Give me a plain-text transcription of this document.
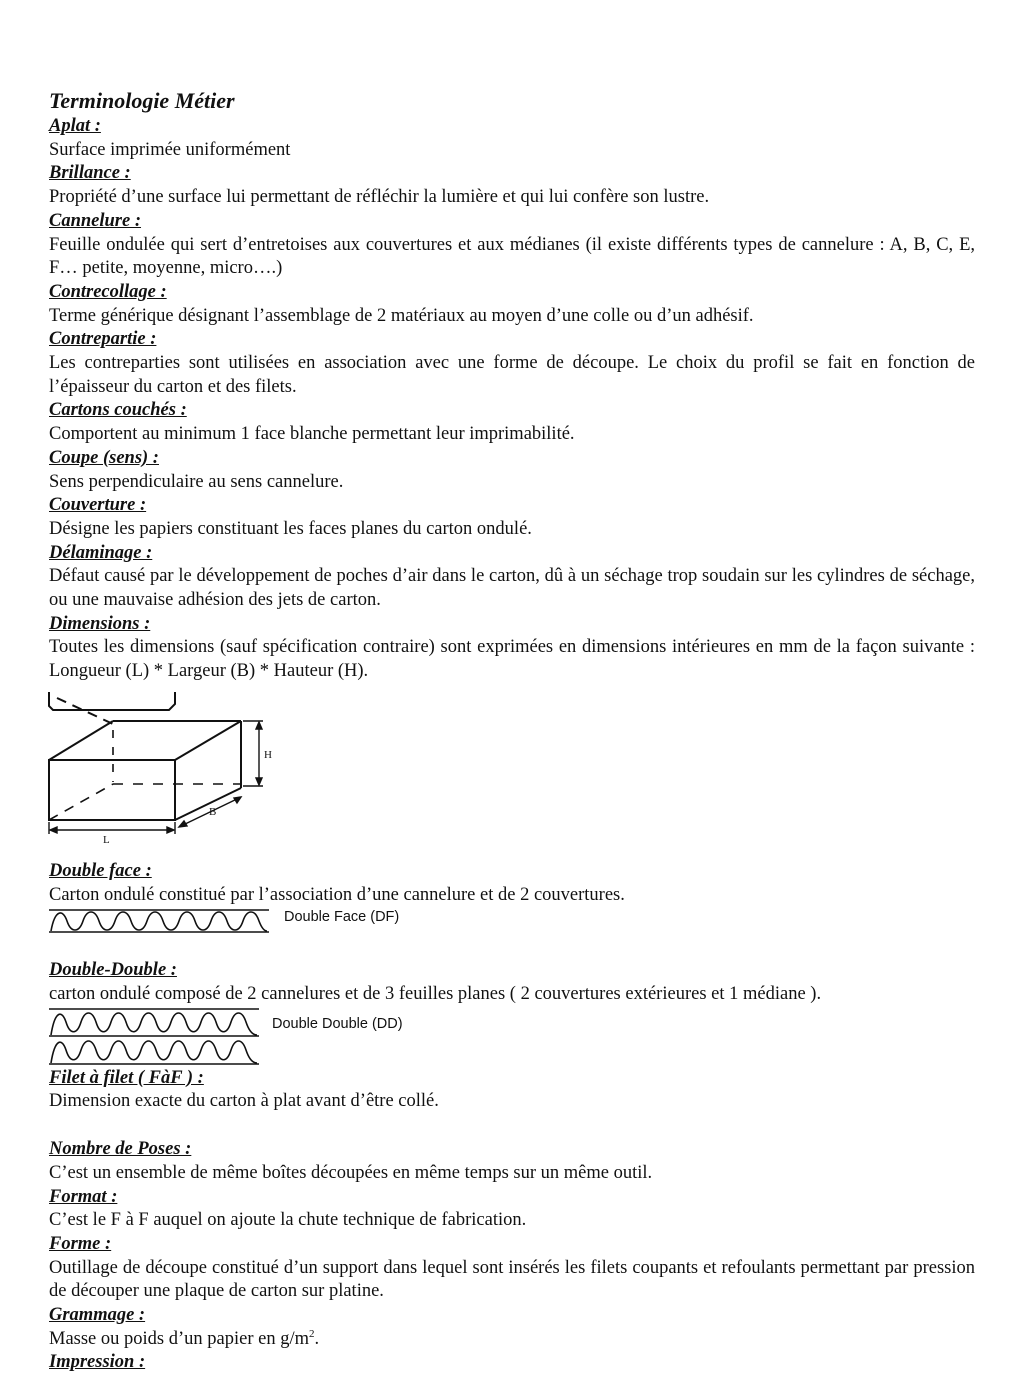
Terminologie Métier
Aplat :
Surface imprimée uniformément
Brillance :
Propriété d’une surface lui permettant de réfléchir la lumière et qui lui confère son lustre.
Cannelure :
Feuille ondulée qui sert d’entretoises aux couvertures et aux médianes (il existe différents types de cannelure : A, B, C, E, F… petite, moyenne, micro….)
Contrecollage :
Terme générique désignant l’assemblage de 2 matériaux au moyen d’une colle ou d’un adhésif.
Contrepartie :
Les contreparties sont utilisées en association avec une forme de découpe. Le choix du profil se fait en fonction de l’épaisseur du carton et des filets.
Cartons couchés :
Comportent au minimum 1 face blanche permettant leur imprimabilité.
Coupe (sens) :
Sens perpendiculaire au sens cannelure.
Couverture :
Désigne les papiers constituant les faces planes du carton ondulé.
Délaminage :
Défaut causé par le développement de poches d’air dans le carton, dû à un séchage trop soudain sur les cylindres de séchage, ou une mauvaise adhésion des jets de carton.
Dimensions :
Toutes les dimensions (sauf spécification contraire) sont exprimées en dimensions intérieures en mm de la façon suivante : Longueur (L) * Largeur (B) * Hauteur (H).
L
B
H
Double face :
Carton ondulé constitué par l’association d’une cannelure et de 2 couvertures.
Double Face (DF)
Double-Double :
carton ondulé composé de 2 cannelures et de 3 feuilles planes ( 2 couvertures extérieures et 1 médiane ).
Double Double (DD)
Filet à filet ( FàF ) :
Dimension exacte du carton à plat avant d’être collé.
Nombre de Poses :
C’est un ensemble de même boîtes découpées en même temps sur un même outil.
Format :
C’est le F à F auquel on ajoute la chute technique de fabrication.
Forme :
Outillage de découpe constitué d’un support dans lequel sont insérés les filets coupants et refoulants permettant par pression de découper une plaque de carton sur platine.
Grammage :
Masse ou poids d’un papier en $g/m^2$.
Impression :
